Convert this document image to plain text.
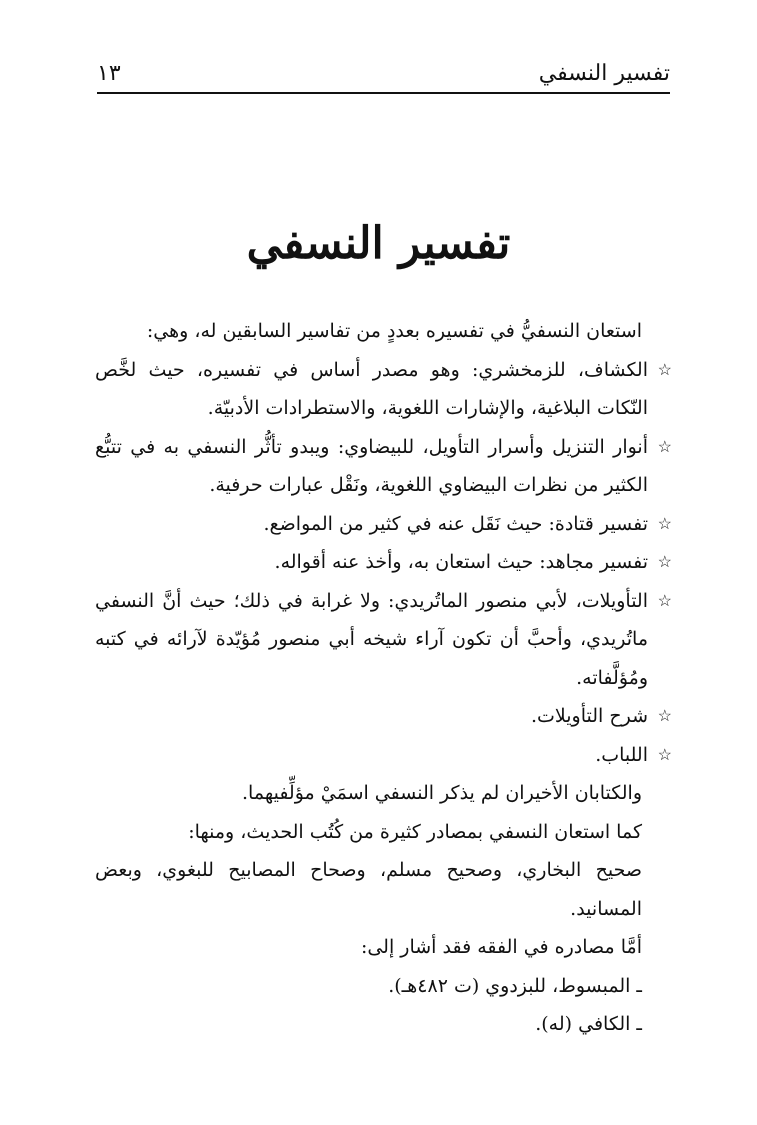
تفسير النسفي
١٣
تفسير النسفي

استعان النسفيُّ في تفسيره بعددٍ من تفاسير السابقين له، وهي:

☆
الكشاف، للزمخشري: وهو مصدر أساس في تفسيره، حيث لخَّص النّكات البلاغية، والإشارات اللغوية، والاستطرادات الأدبيّة.
☆
أنوار التنزيل وأسرار التأويل، للبيضاوي: ويبدو تأثُّر النسفي به في تتبُّع الكثير من نظرات البيضاوي اللغوية، ونَقْل عبارات حرفية.
☆
تفسير قتادة: حيث نَقَل عنه في كثير من المواضع.
☆
تفسير مجاهد: حيث استعان به، وأخذ عنه أقواله.
☆
التأويلات، لأبي منصور الماتُريدي: ولا غرابة في ذلك؛ حيث أنَّ النسفي ماتُريدي، وأحبَّ أن تكون آراء شيخه أبي منصور مُؤيّدة لآرائه في كتبه ومُؤلَّفاته.
☆
شرح التأويلات.
☆
اللباب.

والكتابان الأخيران لم يذكر النسفي اسمَيْ مؤلِّفيهما.

كما استعان النسفي بمصادر كثيرة من كُتُب الحديث، ومنها:

صحيح البخاري، وصحيح مسلم، وصحاح المصابيح للبغوي، وبعض المسانيد.

أمَّا مصادره في الفقه فقد أشار إلى:

ـ المبسوط، للبزدوي (ت ٤٨٢هـ).
ـ الكافي (له).
